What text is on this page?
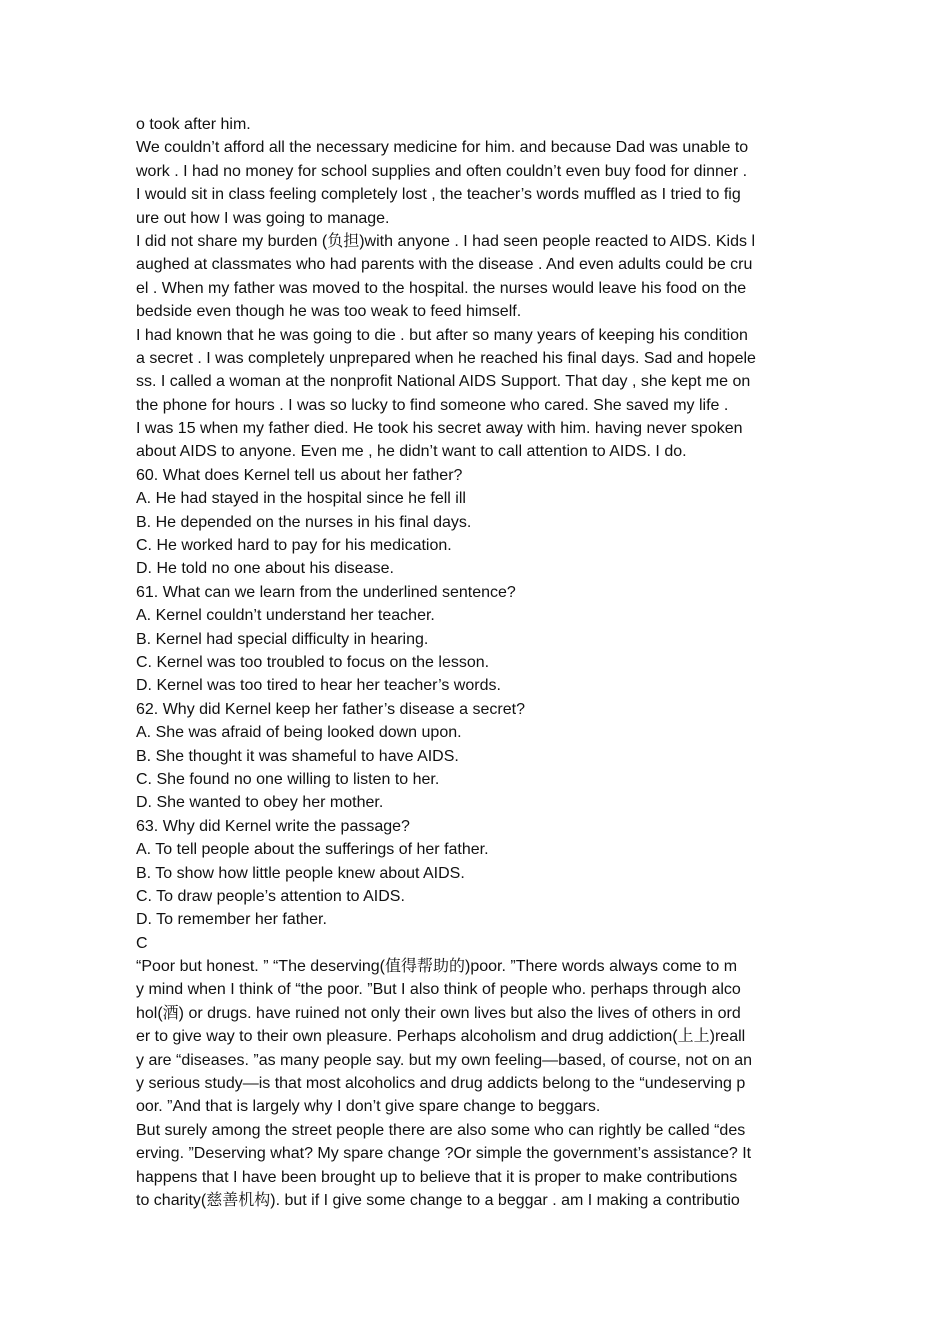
o took after him.
We couldn’t afford all the necessary medicine for him. and because Dad was unable to
work . I had no money for school supplies and often couldn’t even buy food for dinner .
I would sit in class feeling completely lost , the teacher’s words muffled as I tried to fig
ure out how I was going to manage.
I did not share my burden (负担)with anyone . I had seen people reacted to AIDS. Kids l
aughed at classmates who had parents with the disease . And even adults could be cru
el . When my father was moved to the hospital. the nurses would leave his food on the
bedside even though he was too weak to feed himself.
I had known that he was going to die . but after so many years of keeping his condition
a secret . I was completely unprepared when he reached his final days. Sad and hopele
ss. I called a woman at the nonprofit National AIDS Support. That day , she kept me on
the phone for hours . I was so lucky to find someone who cared. She saved my life .
I was 15 when my father died. He took his secret away with him. having never spoken
about AIDS to anyone. Even me , he didn’t want to call attention to AIDS. I do.
60. What does Kernel tell us about her father?
A. He had stayed in the hospital since he fell ill
B. He depended on the nurses in his final days.
C. He worked hard to pay for his medication.
D. He told no one about his disease.
61. What can we learn from the underlined sentence?
A. Kernel couldn’t understand her teacher.
B. Kernel had special difficulty in hearing.
C. Kernel was too troubled to focus on the lesson.
D. Kernel was too tired to hear her teacher’s words.
62. Why did Kernel keep her father’s disease a secret?
A. She was afraid of being looked down upon.
B. She thought it was shameful to have AIDS.
C. She found no one willing to listen to her.
D. She wanted to obey her mother.
63. Why did Kernel write the passage?
A. To tell people about the sufferings of her father.
B. To show how little people knew about AIDS.
C. To draw people’s attention to AIDS.
D. To remember her father.
C
“Poor but honest. ” “The deserving(值得帮助的)poor. ”There words always come to m
y mind when I think of “the poor. ”But I also think of people who. perhaps through alco
hol(酒) or drugs. have ruined not only their own lives but also the lives of others in ord
er to give way to their own pleasure. Perhaps alcoholism and drug addiction(上上)reall
y are “diseases. ”as many people say. but my own feeling—based, of course, not on an
y serious study—is that most alcoholics and drug addicts belong to the “undeserving p
oor. ”And that is largely why I don’t give spare change to beggars.
But surely among the street people there are also some who can rightly be called “des
erving. ”Deserving what? My spare change ?Or simple the government’s assistance? It
happens that I have been brought up to believe that it is proper to make contributions
to charity(慈善机构). but if I give some change to a beggar . am I making a contributio
